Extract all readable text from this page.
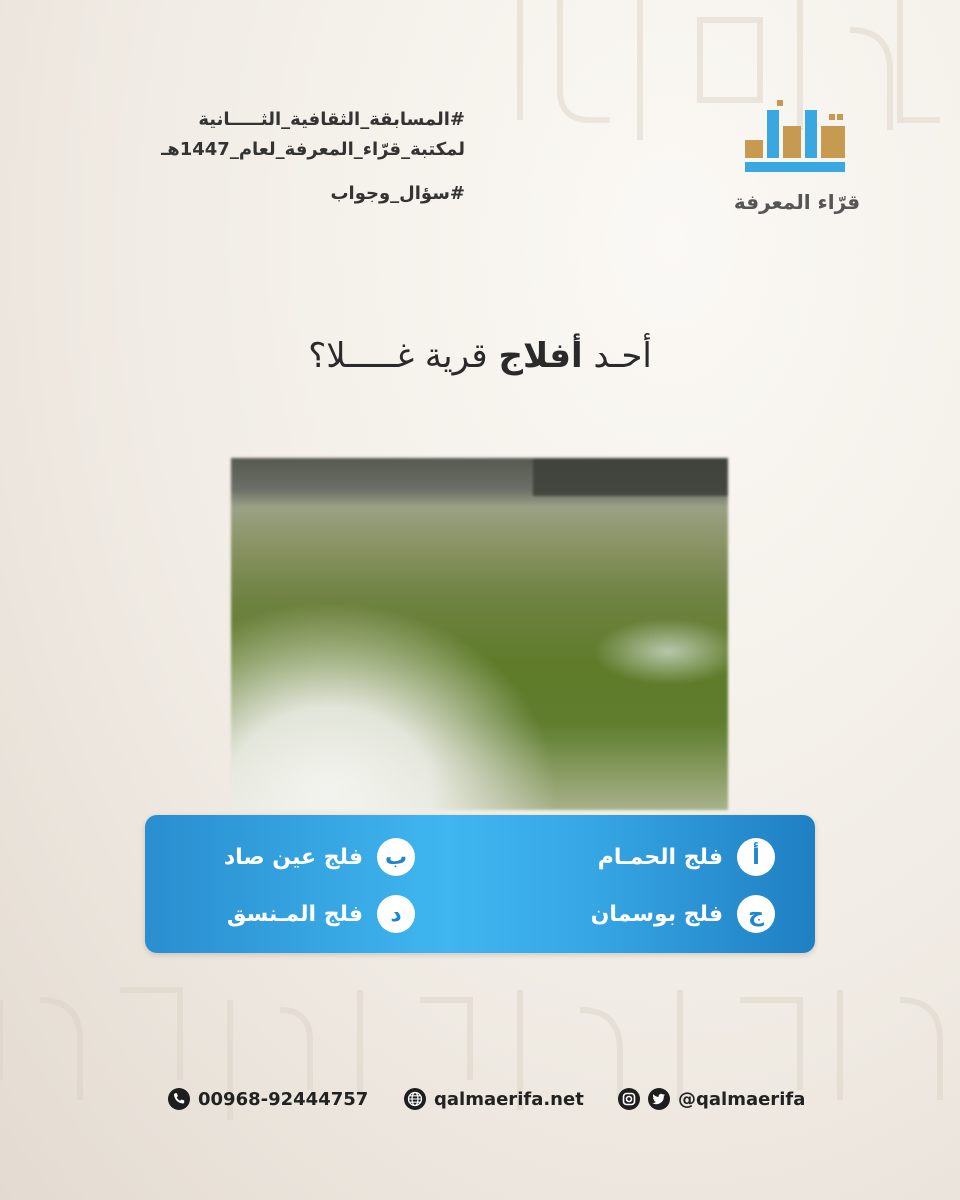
قرّاء المعرفة
#المسابقة_الثقافية_الثـــــانية
لمكتبة_قرّاء_المعرفة_لعام_1447هـ
#سؤال_وجواب
أحـد أفلاج قرية غـــــلا؟
أ
فلج الحمـام
ب
فلج عين صاد
ج
فلج بوسمان
د
فلج المـنسق
@qalmaerifa
qalmaerifa.net
00968-92444757
